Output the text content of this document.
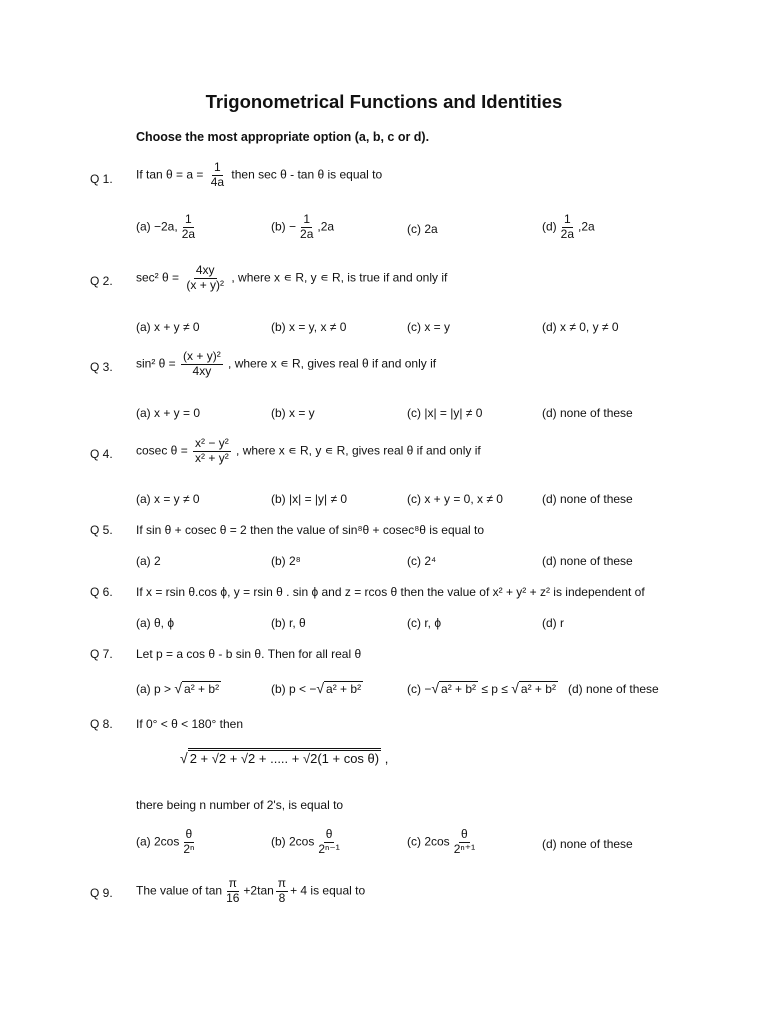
Trigonometrical Functions and Identities
Choose the most appropriate option (a, b, c or d).
Q 1. If $\tan \theta = a = \frac{1}{4a}$ then sec θ - tan θ is equal to
(a) −2a, $\frac{1}{2a}$	$(b) - \frac{1}{2a} ,2a$	(c) 2a	$(d) \frac{1}{2a} ,2a$
Q 2. sec² $\theta = \frac{4xy}{\text{(x + y)²}}$ , where x ∊ R, y ∊ R, is true if and only if
(a) x + y ≠ 0	(b) x = y, x ≠ 0	(c) x = y	(d) x ≠ 0, y ≠ 0
Q 3. sin² $\theta = \frac{\text{(x + y)²}}{4xy}$ , where x ∊ R, gives real θ if and only if
(a) x + y = 0	(b) x = y	(c) |x| = |y| ≠ 0	(d) none of these
Q 4. cosec $\theta = \frac{\text{x² − y²}}{\text{x² + y²}}$ , where x ∊ R, y ∊ R, gives real θ if and only if
(a) x = y ≠ 0	(b) |x| = |y| ≠ 0	(c) x + y = 0, x ≠ 0	(d) none of these
Q 5. If sin θ + cosec θ = 2 then the value of sin⁸θ + cosec⁸θ is equal to
(a) 2	(b) 2⁸	(c) 2⁴	(d) none of these
Q 6. If x = rsin θ.cos ϕ, y = rsin θ . sin ϕ and z = rcos θ then the value of x² + y² + z² is independent of
(a) θ, ϕ	(b) r, θ	(c) r, ϕ	(d) r
Q 7. Let p = a cos θ - b sin θ. Then for all real θ
(a) p > √ a² + b²	(b) p < −√ a² + b²	(c) −√ a² + b² ≤ p ≤ √ a² + b² (d) none of these
Q 8. If 0° < θ < 180° then
√ 2 + √2 + √2 + ..... + √2(1 + cos θ) ,
there being n number of 2's, is equal to
(a) $2\cos \frac{\theta}{\text{2ⁿ}}$	(b) $2\cos \frac{\theta}{\text{2ⁿ⁻¹}}$	(c) $2\cos \frac{\theta}{\text{2ⁿ⁺¹}}$	(d) none of these
Q 9. The value of $\tan \frac{\pi}{16} +2\tan \frac{\pi}{8} + 4$ is equal to
